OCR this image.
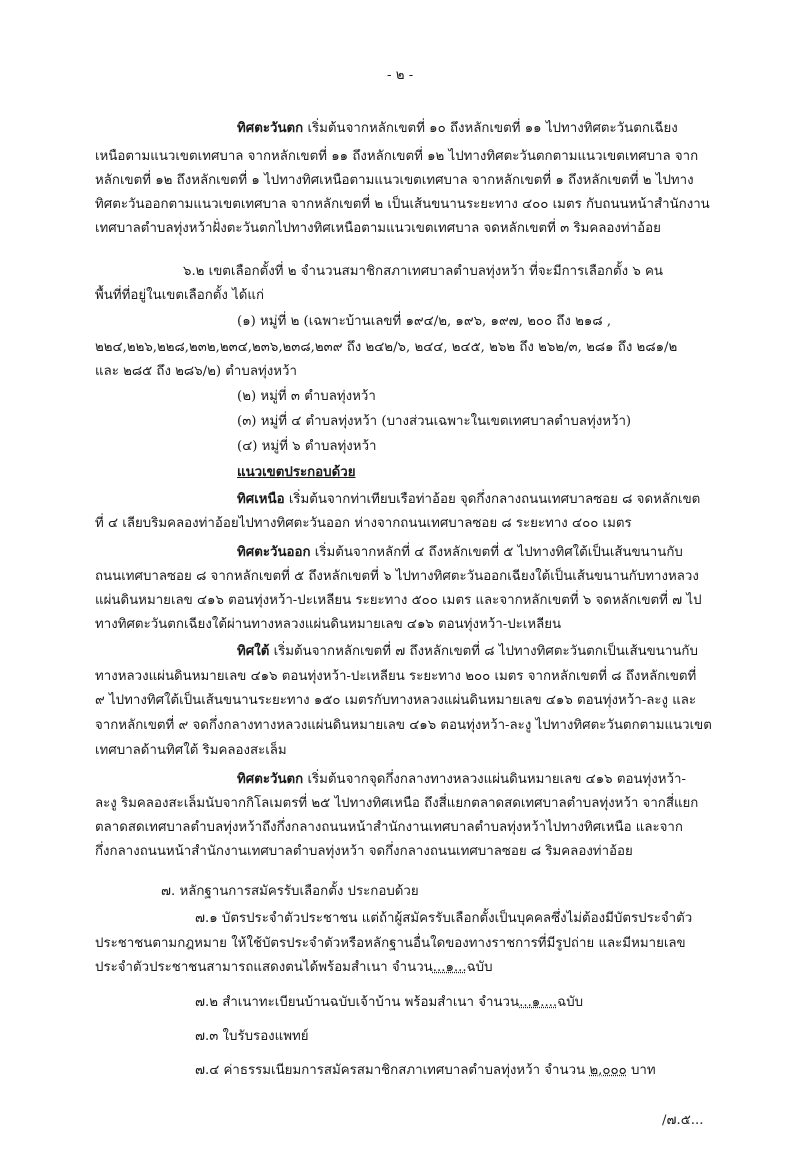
- ๒ -
ทิศตะวันตก เริ่มต้นจากหลักเขตที่ ๑๐ ถึงหลักเขตที่ ๑๑ ไปทางทิศตะวันตกเฉียง
เหนือตามแนวเขตเทศบาล จากหลักเขตที่ ๑๑ ถึงหลักเขตที่ ๑๒ ไปทางทิศตะวันตกตามแนวเขตเทศบาล จาก
หลักเขตที่ ๑๒ ถึงหลักเขตที่ ๑ ไปทางทิศเหนือตามแนวเขตเทศบาล จากหลักเขตที่ ๑ ถึงหลักเขตที่ ๒ ไปทาง
ทิศตะวันออกตามแนวเขตเทศบาล จากหลักเขตที่ ๒ เป็นเส้นขนานระยะทาง ๔๐๐ เมตร กับถนนหน้าสำนักงาน
เทศบาลตำบลทุ่งหว้าฝั่งตะวันตกไปทางทิศเหนือตามแนวเขตเทศบาล จดหลักเขตที่ ๓ ริมคลองท่าอ้อย
๖.๒ เขตเลือกตั้งที่ ๒ จำนวนสมาชิกสภาเทศบาลตำบลทุ่งหว้า ที่จะมีการเลือกตั้ง ๖ คน
พื้นที่ที่อยู่ในเขตเลือกตั้ง ได้แก่
(๑) หมู่ที่ ๒ (เฉพาะบ้านเลขที่ ๑๙๔/๒, ๑๙๖, ๑๙๗, ๒๐๐ ถึง ๒๑๘ ,
๒๒๔,๒๒๖,๒๒๘,๒๓๒,๒๓๔,๒๓๖,๒๓๘,๒๓๙ ถึง ๒๔๒/๖, ๒๔๔, ๒๔๕, ๒๖๒ ถึง ๒๖๒/๓, ๒๘๑ ถึง ๒๘๑/๒
และ ๒๘๕ ถึง ๒๘๖/๒) ตำบลทุ่งหว้า
(๒) หมู่ที่ ๓ ตำบลทุ่งหว้า
(๓) หมู่ที่ ๔ ตำบลทุ่งหว้า (บางส่วนเฉพาะในเขตเทศบาลตำบลทุ่งหว้า)
(๔) หมู่ที่ ๖ ตำบลทุ่งหว้า
แนวเขตประกอบด้วย
ทิศเหนือ เริ่มต้นจากท่าเทียบเรือท่าอ้อย จุดกึ่งกลางถนนเทศบาลซอย ๘ จดหลักเขต
ที่ ๔ เลียบริมคลองท่าอ้อยไปทางทิศตะวันออก ห่างจากถนนเทศบาลซอย ๘ ระยะทาง ๔๐๐ เมตร
ทิศตะวันออก เริ่มต้นจากหลักที่ ๔ ถึงหลักเขตที่ ๕ ไปทางทิศใต้เป็นเส้นขนานกับ
ถนนเทศบาลซอย ๘ จากหลักเขตที่ ๕ ถึงหลักเขตที่ ๖ ไปทางทิศตะวันออกเฉียงใต้เป็นเส้นขนานกับทางหลวง
แผ่นดินหมายเลข ๔๑๖ ตอนทุ่งหว้า-ปะเหลียน ระยะทาง ๕๐๐ เมตร และจากหลักเขตที่ ๖ จดหลักเขตที่ ๗ ไป
ทางทิศตะวันตกเฉียงใต้ผ่านทางหลวงแผ่นดินหมายเลข ๔๑๖ ตอนทุ่งหว้า-ปะเหลียน
ทิศใต้ เริ่มต้นจากหลักเขตที่ ๗ ถึงหลักเขตที่ ๘ ไปทางทิศตะวันตกเป็นเส้นขนานกับ
ทางหลวงแผ่นดินหมายเลข ๔๑๖ ตอนทุ่งหว้า-ปะเหลียน ระยะทาง ๒๐๐ เมตร จากหลักเขตที่ ๘ ถึงหลักเขตที่
๙ ไปทางทิศใต้เป็นเส้นขนานระยะทาง ๑๕๐ เมตรกับทางหลวงแผ่นดินหมายเลข ๔๑๖ ตอนทุ่งหว้า-ละงู และ
จากหลักเขตที่ ๙ จดกึ่งกลางทางหลวงแผ่นดินหมายเลข ๔๑๖ ตอนทุ่งหว้า-ละงู ไปทางทิศตะวันตกตามแนวเขต
เทศบาลด้านทิศใต้ ริมคลองสะเล็ม
ทิศตะวันตก เริ่มต้นจากจุดกึ่งกลางทางหลวงแผ่นดินหมายเลข ๔๑๖ ตอนทุ่งหว้า-
ละงู ริมคลองสะเล็มนับจากกิโลเมตรที่ ๒๕ ไปทางทิศเหนือ ถึงสี่แยกตลาดสดเทศบาลตำบลทุ่งหว้า จากสี่แยก
ตลาดสดเทศบาลตำบลทุ่งหว้าถึงกึ่งกลางถนนหน้าสำนักงานเทศบาลตำบลทุ่งหว้าไปทางทิศเหนือ และจาก
กึ่งกลางถนนหน้าสำนักงานเทศบาลตำบลทุ่งหว้า จดกึ่งกลางถนนเทศบาลซอย ๘ ริมคลองท่าอ้อย
๗. หลักฐานการสมัครรับเลือกตั้ง ประกอบด้วย
๗.๑ บัตรประจำตัวประชาชน แต่ถ้าผู้สมัครรับเลือกตั้งเป็นบุคคลซึ่งไม่ต้องมีบัตรประจำตัว
ประชาชนตามกฎหมาย ให้ใช้บัตรประจำตัวหรือหลักฐานอื่นใดของทางราชการที่มีรูปถ่าย และมีหมายเลข
ประจำตัวประชาชนสามารถแสดงตนได้พร้อมสำเนา จำนวน...๑...ฉบับ
๗.๒ สำเนาทะเบียนบ้านฉบับเจ้าบ้าน พร้อมสำเนา จำนวน...๑....ฉบับ
๗.๓ ใบรับรองแพทย์
๗.๔ ค่าธรรมเนียมการสมัครสมาชิกสภาเทศบาลตำบลทุ่งหว้า จำนวน ๒,๐๐๐ บาท
/๗.๕...
